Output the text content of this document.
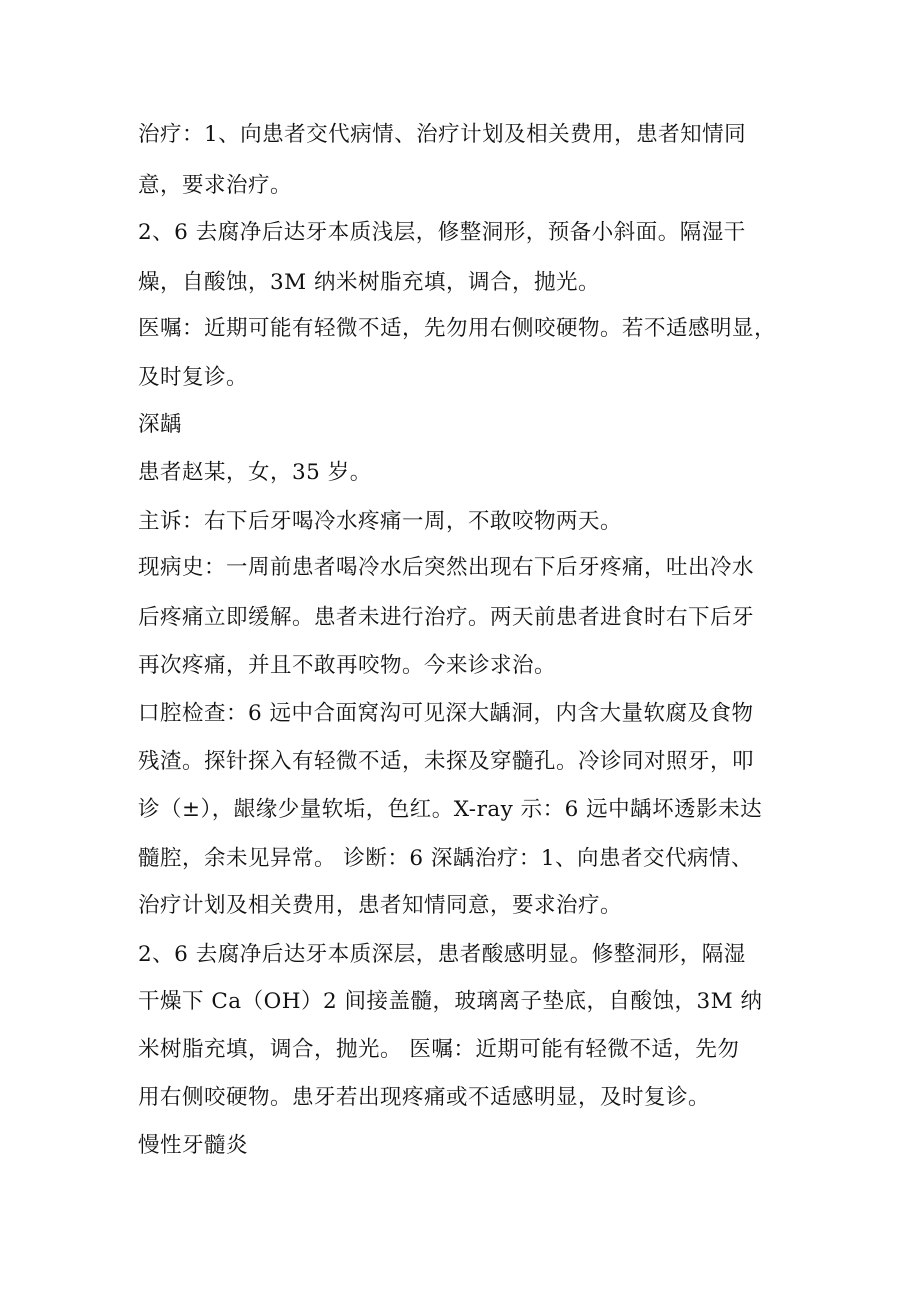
治疗：1、向患者交代病情、治疗计划及相关费用，患者知情同

意，要求治疗。

2、6 去腐净后达牙本质浅层，修整洞形，预备小斜面。隔湿干

燥，自酸蚀，3M 纳米树脂充填，调合，抛光。

医嘱：近期可能有轻微不适，先勿用右侧咬硬物。若不适感明显，

及时复诊。

深龋

患者赵某，女，35 岁。

主诉：右下后牙喝冷水疼痛一周，不敢咬物两天。

现病史：一周前患者喝冷水后突然出现右下后牙疼痛，吐出冷水

后疼痛立即缓解。患者未进行治疗。两天前患者进食时右下后牙

再次疼痛，并且不敢再咬物。今来诊求治。

口腔检查：6 远中合面窝沟可见深大龋洞，内含大量软腐及食物

残渣。探针探入有轻微不适，未探及穿髓孔。冷诊同对照牙，叩

诊（±），龈缘少量软垢，色红。X-ray 示：6 远中龋坏透影未达

髓腔，余未见异常。 诊断：6 深龋治疗：1、向患者交代病情、

治疗计划及相关费用，患者知情同意，要求治疗。

2、6 去腐净后达牙本质深层，患者酸感明显。修整洞形，隔湿

干燥下 Ca（OH）2 间接盖髓，玻璃离子垫底，自酸蚀，3M 纳

米树脂充填，调合，抛光。 医嘱：近期可能有轻微不适，先勿

用右侧咬硬物。患牙若出现疼痛或不适感明显，及时复诊。

慢性牙髓炎
